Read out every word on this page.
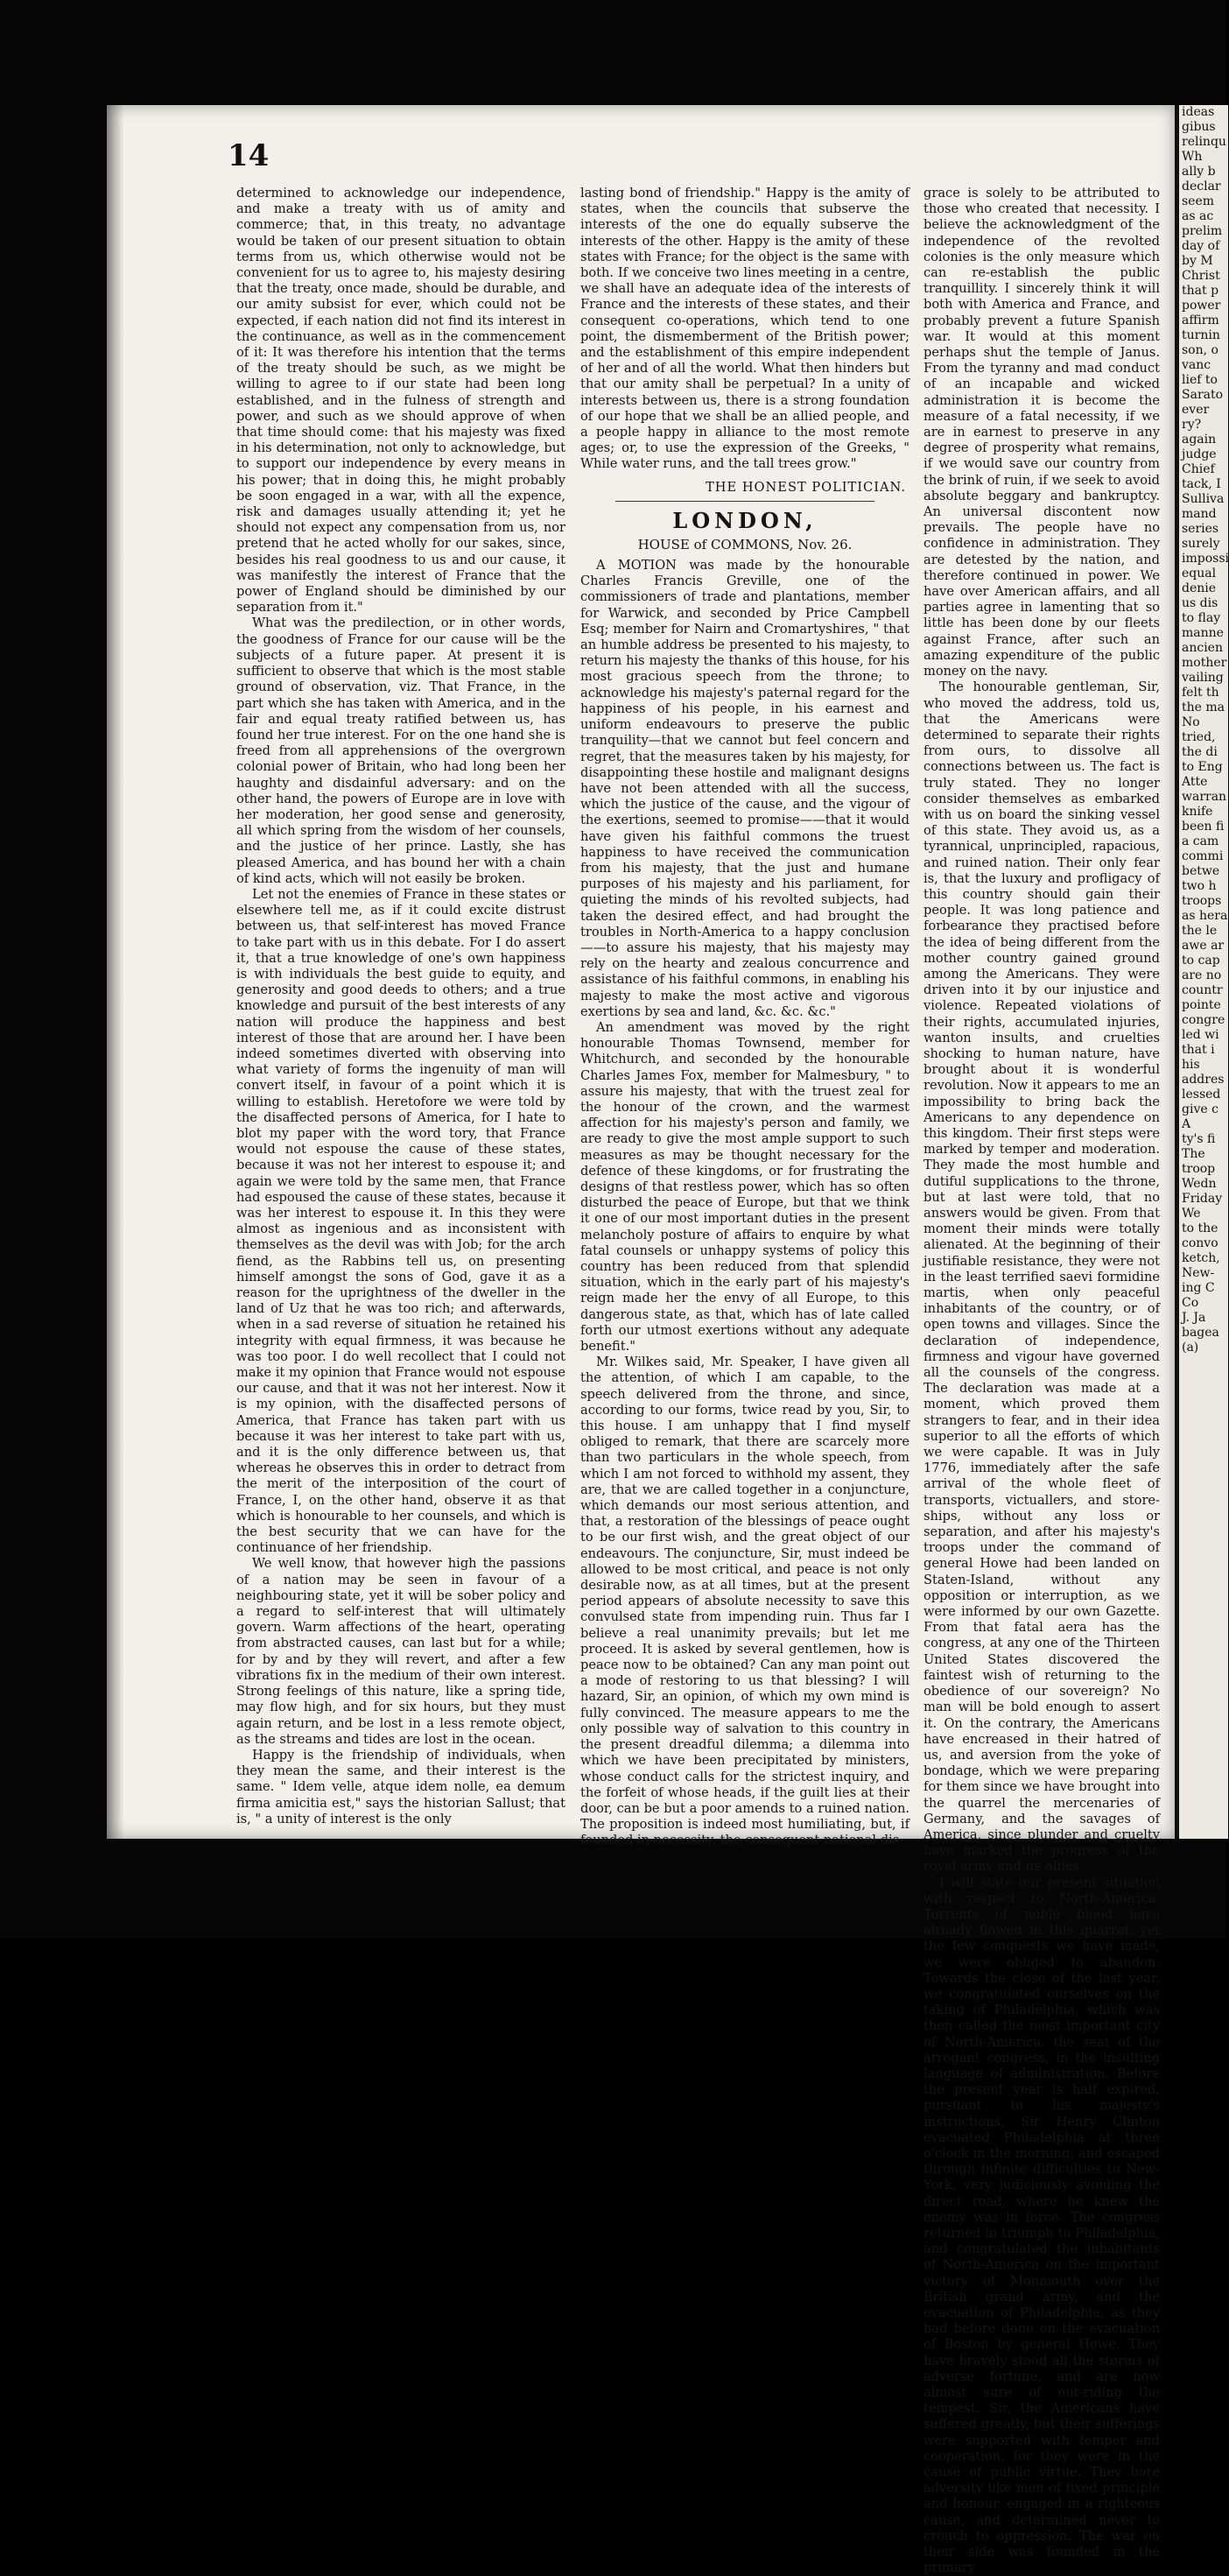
14

determined to acknowledge our independence, and make a treaty with us of amity and commerce; that, in this treaty, no advantage would be taken of our present situation to obtain terms from us, which otherwise would not be convenient for us to agree to, his majesty desiring that the treaty, once made, should be durable, and our amity subsist for ever, which could not be expected, if each nation did not find its interest in the continuance, as well as in the commencement of it: It was therefore his intention that the terms of the treaty should be such, as we might be willing to agree to if our state had been long established, and in the fulness of strength and power, and such as we should approve of when that time should come: that his majesty was fixed in his determination, not only to acknowledge, but to support our independence by every means in his power; that in doing this, he might probably be soon engaged in a war, with all the expence, risk and damages usually attending it; yet he should not expect any compensation from us, nor pretend that he acted wholly for our sakes, since, besides his real goodness to us and our cause, it was manifestly the interest of France that the power of England should be diminished by our separation from it."

What was the predilection, or in other words, the goodness of France for our cause will be the subjects of a future paper. At present it is sufficient to observe that which is the most stable ground of observation, viz. That France, in the part which she has taken with America, and in the fair and equal treaty ratified between us, has found her true interest. For on the one hand she is freed from all apprehensions of the overgrown colonial power of Britain, who had long been her haughty and disdainful adversary: and on the other hand, the powers of Europe are in love with her moderation, her good sense and generosity, all which spring from the wisdom of her counsels, and the justice of her prince. Lastly, she has pleased America, and has bound her with a chain of kind acts, which will not easily be broken.

Let not the enemies of France in these states or elsewhere tell me, as if it could excite distrust between us, that self-interest has moved France to take part with us in this debate. For I do assert it, that a true knowledge of one's own happiness is with individuals the best guide to equity, and generosity and good deeds to others; and a true knowledge and pursuit of the best interests of any nation will produce the happiness and best interest of those that are around her. I have been indeed sometimes diverted with observing into what variety of forms the ingenuity of man will convert itself, in favour of a point which it is willing to establish. Heretofore we were told by the disaffected persons of America, for I hate to blot my paper with the word tory, that France would not espouse the cause of these states, because it was not her interest to espouse it; and again we were told by the same men, that France had espoused the cause of these states, because it was her interest to espouse it. In this they were almost as ingenious and as inconsistent with themselves as the devil was with Job; for the arch fiend, as the Rabbins tell us, on presenting himself amongst the sons of God, gave it as a reason for the uprightness of the dweller in the land of Uz that he was too rich; and afterwards, when in a sad reverse of situation he retained his integrity with equal firmness, it was because he was too poor. I do well recollect that I could not make it my opinion that France would not espouse our cause, and that it was not her interest. Now it is my opinion, with the disaffected persons of America, that France has taken part with us because it was her interest to take part with us, and it is the only difference between us, that whereas he observes this in order to detract from the merit of the interposition of the court of France, I, on the other hand, observe it as that which is honourable to her counsels, and which is the best security that we can have for the continuance of her friendship.

We well know, that however high the passions of a nation may be seen in favour of a neighbouring state, yet it will be sober policy and a regard to self-interest that will ultimately govern. Warm affections of the heart, operating from abstracted causes, can last but for a while; for by and by they will revert, and after a few vibrations fix in the medium of their own interest. Strong feelings of this nature, like a spring tide, may flow high, and for six hours, but they must again return, and be lost in a less remote object, as the streams and tides are lost in the ocean.

Happy is the friendship of individuals, when they mean the same, and their interest is the same. " Idem velle, atque idem nolle, ea demum firma amicitia est," says the historian Sallust; that is, " a unity of interest is the only

lasting bond of friendship." Happy is the amity of states, when the councils that subserve the interests of the one do equally subserve the interests of the other. Happy is the amity of these states with France; for the object is the same with both. If we conceive two lines meeting in a centre, we shall have an adequate idea of the interests of France and the interests of these states, and their consequent co-operations, which tend to one point, the dismemberment of the British power; and the establishment of this empire independent of her and of all the world. What then hinders but that our amity shall be perpetual? In a unity of interests between us, there is a strong foundation of our hope that we shall be an allied people, and a people happy in alliance to the most remote ages; or, to use the expression of the Greeks, " While water runs, and the tall trees grow."

THE HONEST POLITICIAN.
LONDON,
HOUSE of COMMONS, Nov. 26.

A MOTION was made by the honourable Charles Francis Greville, one of the commissioners of trade and plantations, member for Warwick, and seconded by Price Campbell Esq; member for Nairn and Cromartyshires, " that an humble address be presented to his majesty, to return his majesty the thanks of this house, for his most gracious speech from the throne; to acknowledge his majesty's paternal regard for the happiness of his people, in his earnest and uniform endeavours to preserve the public tranquility—that we cannot but feel concern and regret, that the measures taken by his majesty, for disappointing these hostile and malignant designs have not been attended with all the success, which the justice of the cause, and the vigour of the exertions, seemed to promise——that it would have given his faithful commons the truest happiness to have received the communication from his majesty, that the just and humane purposes of his majesty and his parliament, for quieting the minds of his revolted subjects, had taken the desired effect, and had brought the troubles in North-America to a happy conclusion——to assure his majesty, that his majesty may rely on the hearty and zealous concurrence and assistance of his faithful commons, in enabling his majesty to make the most active and vigorous exertions by sea and land, &c. &c. &c."

An amendment was moved by the right honourable Thomas Townsend, member for Whitchurch, and seconded by the honourable Charles James Fox, member for Malmesbury, " to assure his majesty, that with the truest zeal for the honour of the crown, and the warmest affection for his majesty's person and family, we are ready to give the most ample support to such measures as may be thought necessary for the defence of these kingdoms, or for frustrating the designs of that restless power, which has so often disturbed the peace of Europe, but that we think it one of our most important duties in the present melancholy posture of affairs to enquire by what fatal counsels or unhappy systems of policy this country has been reduced from that splendid situation, which in the early part of his majesty's reign made her the envy of all Europe, to this dangerous state, as that, which has of late called forth our utmost exertions without any adequate benefit."

Mr. Wilkes said, Mr. Speaker, I have given all the attention, of which I am capable, to the speech delivered from the throne, and since, according to our forms, twice read by you, Sir, to this house. I am unhappy that I find myself obliged to remark, that there are scarcely more than two particulars in the whole speech, from which I am not forced to withhold my assent, they are, that we are called together in a conjuncture, which demands our most serious attention, and that, a restoration of the blessings of peace ought to be our first wish, and the great object of our endeavours. The conjuncture, Sir, must indeed be allowed to be most critical, and peace is not only desirable now, as at all times, but at the present period appears of absolute necessity to save this convulsed state from impending ruin. Thus far I believe a real unanimity prevails; but let me proceed. It is asked by several gentlemen, how is peace now to be obtained? Can any man point out a mode of restoring to us that blessing? I will hazard, Sir, an opinion, of which my own mind is fully convinced. The measure appears to me the only possible way of salvation to this country in the present dreadful dilemma; a dilemma into which we have been precipitated by ministers, whose conduct calls for the strictest inquiry, and the forfeit of whose heads, if the guilt lies at their door, can be but a poor amends to a ruined nation. The proposition is indeed most humiliating, but, if founded in necessity, the consequent national dis-

grace is solely to be attributed to those who created that necessity. I believe the acknowledgment of the independence of the revolted colonies is the only measure which can re-establish the public tranquillity. I sincerely think it will both with America and France, and probably prevent a future Spanish war. It would at this moment perhaps shut the temple of Janus. From the tyranny and mad conduct of an incapable and wicked administration it is become the measure of a fatal necessity, if we are in earnest to preserve in any degree of prosperity what remains, if we would save our country from the brink of ruin, if we seek to avoid absolute beggary and bankruptcy. An universal discontent now prevails. The people have no confidence in administration. They are detested by the nation, and therefore continued in power. We have over American affairs, and all parties agree in lamenting that so little has been done by our fleets against France, after such an amazing expenditure of the public money on the navy.

The honourable gentleman, Sir, who moved the address, told us, that the Americans were determined to separate their rights from ours, to dissolve all connections between us. The fact is truly stated. They no longer consider themselves as embarked with us on board the sinking vessel of this state. They avoid us, as a tyrannical, unprincipled, rapacious, and ruined nation. Their only fear is, that the luxury and profligacy of this country should gain their people. It was long patience and forbearance they practised before the idea of being different from the mother country gained ground among the Americans. They were driven into it by our injustice and violence. Repeated violations of their rights, accumulated injuries, wanton insults, and cruelties shocking to human nature, have brought about it is wonderful revolution. Now it appears to me an impossibility to bring back the Americans to any dependence on this kingdom. Their first steps were marked by temper and moderation. They made the most humble and dutiful supplications to the throne, but at last were told, that no answers would be given. From that moment their minds were totally alienated. At the beginning of their justifiable resistance, they were not in the least terrified saevi formidine martis, when only peaceful inhabitants of the country, or of open towns and villages. Since the declaration of independence, firmness and vigour have governed all the counsels of the congress. The declaration was made at a moment, which proved them strangers to fear, and in their idea superior to all the efforts of which we were capable. It was in July 1776, immediately after the safe arrival of the whole fleet of transports, victuallers, and store-ships, without any loss or separation, and after his majesty's troops under the command of general Howe had been landed on Staten-Island, without any opposition or interruption, as we were informed by our own Gazette. From that fatal aera has the congress, at any one of the Thirteen United States discovered the faintest wish of returning to the obedience of our sovereign? No man will be bold enough to assert it. On the contrary, the Americans have encreased in their hatred of us, and aversion from the yoke of bondage, which we were preparing for them since we have brought into the quarrel the mercenaries of Germany, and the savages of America, since plunder and cruelty have marked the progress of the royal army and its allies.

I will state our present situation with respect to North-America. Torrents of noble blood have already flowed in this quarrel, yet the few conquests we have made, we were obliged to abandon. Towards the close of the last year, we congratulated ourselves on the taking of Philadelphia, which was then called the most important city of North-America, the seat of the arrogant congress, in the insulting language of administration. Before the present year is half expired, pursuant to his majesty's instructions, Sir Henry Clinton evacuated Philadelphia at three o'clock in the morning, and escaped through infinite difficulties to New-York, very judiciously avoiding the direct road, where he knew the enemy was in force. The congress returned in triumph to Philadelphia, and congratulated the inhabitants of North-America on the important victory of Monmouth over the British grand army, and the evacuation of Philadelphia, as they had before done on the evacuation of Boston by general Howe. They have bravely stood all the storms of adverse fortune, and are now almost sure of out-riding the tempest. Sir, the Americans have suffered greatly, but their sufferings were supported with temper and cooperation, for they were in the cause of public virtue. They bore adversity like men of fixed principle and honour, engaged in a righteous cause, and determined never to crouch to oppression. The war on their side was founded in the primary

ideas
gibus
relinqu
Wh
ally b
declar
seem
as ac
prelim
day of
by M
Christ
that p
power
affirm
turnin
son, o
vanc
lief to
Sarato
ever
ry?
again
judge
Chief
tack, I
Sulliva
mand
series
surely
impossi
equal
denie
us dis
to flay
manne
ancien
mother
vailing
felt th
the ma
No
tried,
the di
to Eng
Atte
warran
knife
been fi
a cam
commi
betwe
two h
troops
as hera
the le
awe ar
to cap
are no
countr
pointe
congre
led wi
that i
his
addres
lessed
give c
A
ty's fi
The
troop
Wedn
Friday
We
to the
convo
ketch,
New-
ing C
Co
J. Ja
bagea
(a)
